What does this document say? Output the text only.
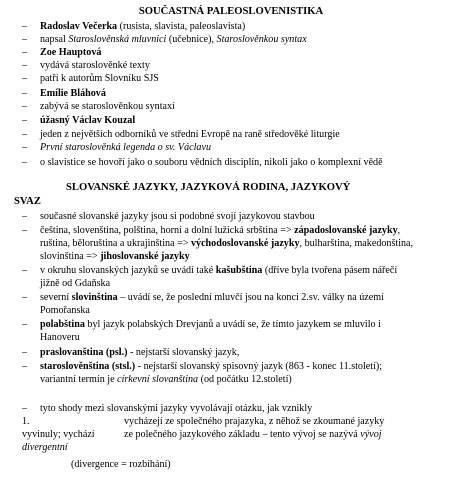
SOUČASTNÁ PALEOSLOVENISTIKA
– Radoslav Večerka (rusista, slavista, paleoslavista)
– napsal Staroslověnská mluvnici (učebnice), Staroslověnkou syntax
– Zoe Hauptová
– vydává staroslověnké texty
– patří k autorům Slovníku SJS
– Emílie Bláhová
– zabývá se staroslověnkou syntaxí
– úžasný Václav Kouzal
– jeden z největších odborníků ve střední Evropě na raně středověké liturgie
– První staroslověnká legenda o sv. Václavu
– o slavistice se hovoří jako o souboru vědních disciplín, nikoli jako o komplexní vědě
SLOVANSKÉ JAZYKY, JAZYKOVÁ RODINA, JAZYKOVÝ
SVAZ
– současné slovanské jazyky jsou si podobné svojí jazykovou stavbou
– čeština, slovenština, polština, horní a dolní lužická srbština => západoslovanské jazyky,
ruština, běloruština a ukrajinština => východoslovanské jazyky, bulharština, makedonština,
slovinština => jihoslovanské jazyky
– v okruhu slovanských jazyků se uvádí také kašubština (dříve byla tvořena pásem nářečí
jižně od Gdaňska
– severní slovinština – uvádí se, že poslední mluvčí jsou na konci 2.sv. války na území
Pomořanska
– polabština byl jazyk polabských Drevjanů a uvádí se, že tímto jazykem se mluvilo i
Hanoveru
– praslovanština (psl.) - nejstarší slovanský jazyk,
– staroslověnština (stsl.) - nejstarší slovanský spisovný jazyk (863 - konec 11.století);
variantní termín je církevní slovanština (od počátku 12.století)
– tyto shody mezi slovanskými jazyky vyvolávají otázku, jak vznikly
1.	vycházejí ze společného prajazyka, z něhož se zkoumané jazyky
vyvinuly; vychází	ze polečného jazykového základu – tento vývoj se nazývá vývoj
divergentní
(divergence = rozbíhání)
